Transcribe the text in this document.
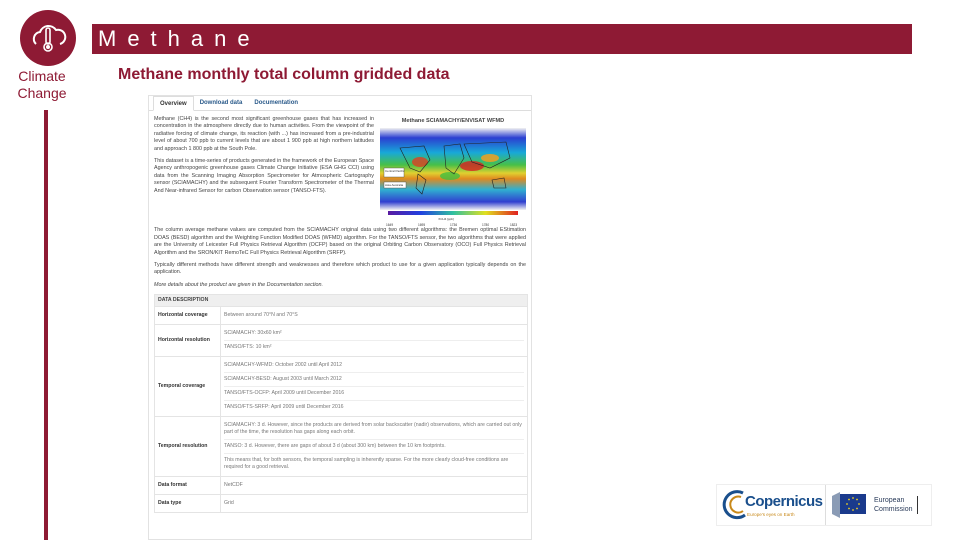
Climate
Change
Methane
Methane monthly total column gridded data
Overview	Download data	Documentation

Methane (CH4) is the second most significant greenhouse gases that has increased in concentration in the atmosphere directly due to human activities. From the viewpoint of the radiative forcing of climate change, its reaction (with ...) has increased from a pre-industrial level of about 700 ppb to current levels that are about 1 900 ppb at high northern latitudes and approach 1 800 ppb at the South Pole.

This dataset is a time-series of products generated in the framework of the European Space Agency anthropogenic greenhouse gases Climate Change Initiative (ESA GHG CCI) using data from the Scanning Imaging Absorption Spectrometer for Atmospheric Cartography sensor (SCIAMACHY) and the subsequent Fourier Transform Spectrometer of the Thermal And Near-infrared Sensor for carbon Observation sensor (TANSO-FTS).

Methane SCIAMACHY/ENVISAT WFMD
Central Pacific
Asia Australia
XCH4 [ppb]
1649	1695	1736	1780	1823

The column average methane values are computed from the SCIAMACHY original data using two different algorithms: the Bremen optimal EStimation DOAS (BESD) algorithm and the Weighting Function Modified DOAS (WFMD) algorithm. For the TANSO/FTS sensor, the two algorithms that were applied are the University of Leicester Full Physics Retrieval Algorithm (OCFP) based on the original Orbiting Carbon Observatory (OCO) Full Physics Retrieval Algorithm and the SRON/KIT RemoTeC Full Physics Retrieval Algorithm (SRFP).

Typically different methods have different strength and weaknesses and therefore which product to use for a given application typically depends on the application.

More details about the product are given in the Documentation section.

DATA DESCRIPTION	
Horizontal coverage	Between around 70°N and 70°S

Horizontal resolution	SCIAMACHY: 30x60 km²
TANSO/FTS: 10 km²

Temporal coverage	SCIAMACHY-WFMD: October 2002 until April 2012
SCIAMACHY-BESD: August 2003 until March 2012
TANSO/FTS-OCFP: April 2009 until December 2016
TANSO/FTS-SRFP: April 2009 until December 2016

Temporal resolution	SCIAMACHY: 3 d. However, since the products are derived from solar backscatter (nadir) observations, which are carried out only part of the time, the resolution has gaps along each orbit.
TANSO: 3 d. However, there are gaps of about 3 d (about 300 km) between the 10 km footprints.
This means that, for both sensors, the temporal sampling is inherently sparse. For the more clearly cloud-free conditions are required for a good retrieval.

Data format	NetCDF

Data type	Grid	Copernicus
Europe's eyes on Earth
European
Commission
